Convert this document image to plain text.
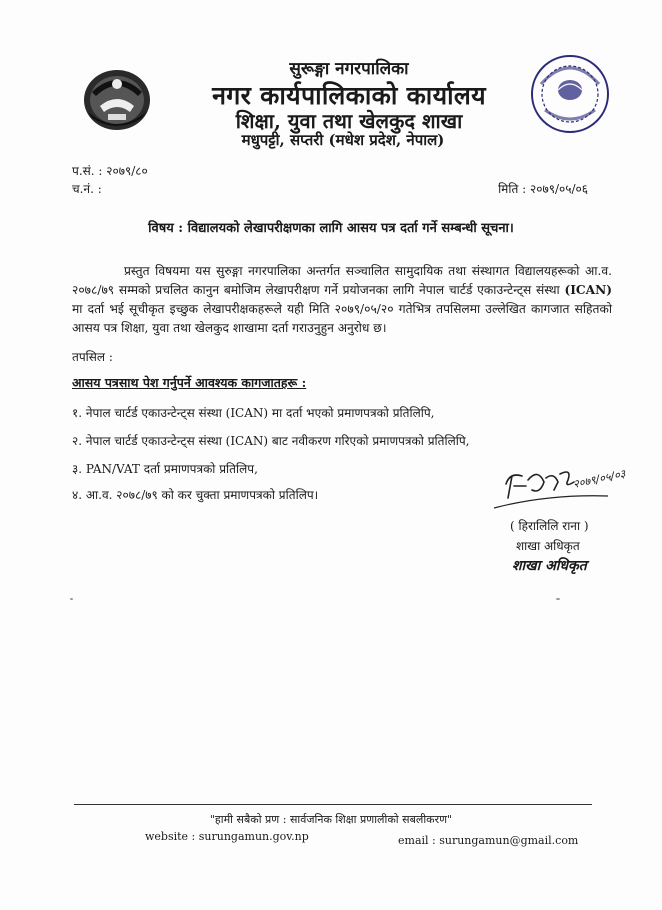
सुरूङ्गा नगरपालिका
नगर कार्यपालिकाको कार्यालय
शिक्षा, युवा तथा खेलकुद शाखा
मधुपट्टी, सप्तरी (मधेश प्रदेश, नेपाल)
प.सं. : २०७९/८०
च.नं. :	मिति : २०७९/०५/०६
विषय : विद्यालयको लेखापरीक्षणका लागि आसय पत्र दर्ता गर्ने सम्बन्धी सूचना।
प्रस्तुत विषयमा यस सुरुङ्गा नगरपालिका अन्तर्गत सञ्चालित सामुदायिक तथा संस्थागत विद्यालयहरूको आ.व. २०७८/७९ सम्मको प्रचलित कानुन बमोजिम लेखापरीक्षण गर्ने प्रयोजनका लागि नेपाल चार्टर्ड एकाउन्टेन्ट्स संस्था (ICAN) मा दर्ता भई सूचीकृत इच्छुक लेखापरीक्षकहरूले यही मिति २०७९/०५/२० गतेभित्र तपसिलमा उल्लेखित कागजात सहितको आसय पत्र शिक्षा, युवा तथा खेलकुद शाखामा दर्ता गराउनुहुन अनुरोध छ।
तपसिल :
आसय पत्रसाथ पेश गर्नुपर्ने आवश्यक कागजातहरू :
१. नेपाल चार्टर्ड एकाउन्टेन्ट्स संस्था (ICAN) मा दर्ता भएको प्रमाणपत्रको प्रतिलिपि,
२. नेपाल चार्टर्ड एकाउन्टेन्ट्स संस्था (ICAN) बाट नवीकरण गरिएको प्रमाणपत्रको प्रतिलिपि,
३. PAN/VAT दर्ता प्रमाणपत्रको प्रतिलिप,
४. आ.व. २०७८/७९ को कर चुक्ता प्रमाणपत्रको प्रतिलिप।
२०७९/०५/०३
( हिरालिलि राना )
शाखा अधिकृत
शाखा अधिकृत
"हामी सबैको प्रण : सार्वजनिक शिक्षा प्रणालीको सबलीकरण"
website : surungamun.gov.np	email : surungamun@gmail.com
